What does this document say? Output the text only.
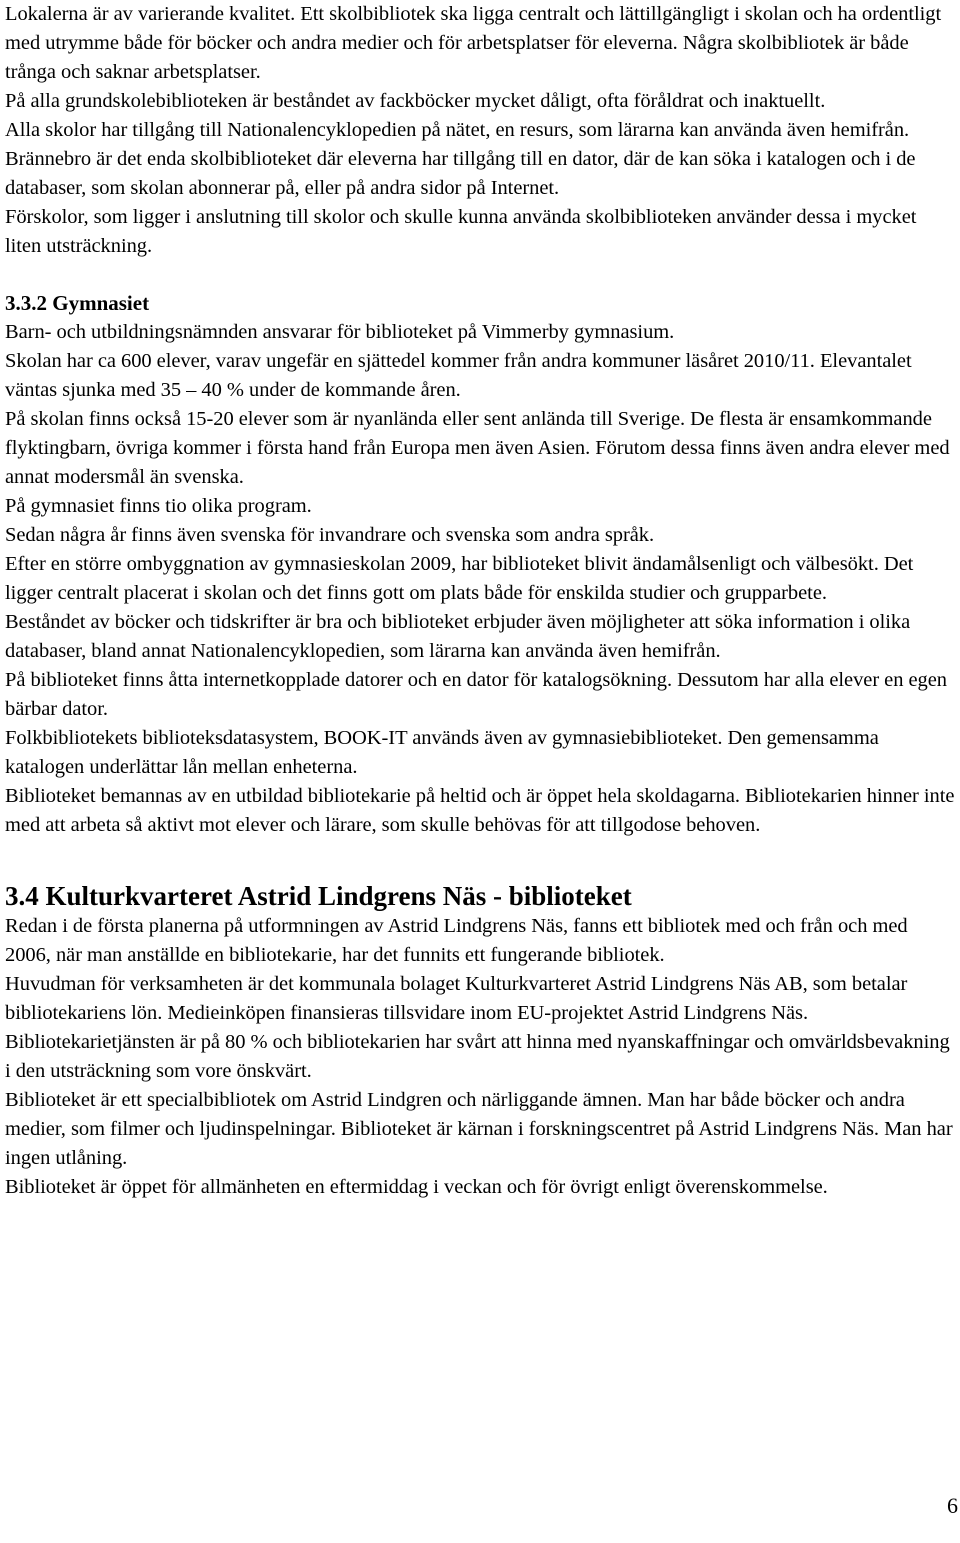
Lokalerna är av varierande kvalitet. Ett skolbibliotek ska ligga centralt och lättillgängligt i skolan och ha ordentligt med utrymme både för böcker och andra medier och för arbetsplatser för eleverna. Några skolbibliotek är både trånga och saknar arbetsplatser.

På alla grundskolebiblioteken är beståndet av fackböcker mycket dåligt, ofta föråldrat och inaktuellt.

Alla skolor har tillgång till Nationalencyklopedien på nätet, en resurs, som lärarna kan använda även hemifrån.

Brännebro är det enda skolbiblioteket där eleverna har tillgång till en dator, där de kan söka i katalogen och i de databaser, som skolan abonnerar på, eller på andra sidor på Internet.

Förskolor, som ligger i anslutning till skolor och skulle kunna använda skolbiblioteken använder dessa i mycket liten utsträckning.

3.3.2 Gymnasiet

Barn- och utbildningsnämnden ansvarar för biblioteket på Vimmerby gymnasium.

Skolan har ca 600 elever, varav ungefär en sjättedel kommer från andra kommuner läsåret 2010/11. Elevantalet väntas sjunka med 35 – 40 % under de kommande åren.

På skolan finns också 15-20 elever som är nyanlända eller sent anlända till Sverige. De flesta är ensamkommande flyktingbarn, övriga kommer i första hand från Europa men även Asien. Förutom dessa finns även andra elever med annat modersmål än svenska.

På gymnasiet finns tio olika program.

Sedan några år finns även svenska för invandrare och svenska som andra språk.

Efter en större ombyggnation av gymnasieskolan 2009, har biblioteket blivit ändamålsenligt och välbesökt. Det ligger centralt placerat i skolan och det finns gott om plats både för enskilda studier och grupparbete.

Beståndet av böcker och tidskrifter är bra och biblioteket erbjuder även möjligheter att söka information i olika databaser, bland annat Nationalencyklopedien, som lärarna kan använda även hemifrån.

På biblioteket finns åtta internetkopplade datorer och en dator för katalogsökning. Dessutom har alla elever en egen bärbar dator.

Folkbibliotekets biblioteksdatasystem, BOOK-IT används även av gymnasiebiblioteket. Den gemensamma katalogen underlättar lån mellan enheterna.

Biblioteket bemannas av en utbildad bibliotekarie på heltid och är öppet hela skoldagarna. Bibliotekarien hinner inte med att arbeta så aktivt mot elever och lärare, som skulle behövas för att tillgodose behoven.

3.4 Kulturkvarteret Astrid Lindgrens Näs - biblioteket

Redan i de första planerna på utformningen av Astrid Lindgrens Näs, fanns ett bibliotek med och från och med 2006, när man anställde en bibliotekarie, har det funnits ett fungerande bibliotek.

Huvudman för verksamheten är det kommunala bolaget Kulturkvarteret Astrid Lindgrens Näs AB, som betalar bibliotekariens lön. Medieinköpen finansieras tillsvidare inom EU-projektet Astrid Lindgrens Näs.

Bibliotekarietjänsten är på 80 % och bibliotekarien har svårt att hinna med nyanskaffningar och omvärldsbevakning i den utsträckning som vore önskvärt.

Biblioteket är ett specialbibliotek om Astrid Lindgren och närliggande ämnen. Man har både böcker och andra medier, som filmer och ljudinspelningar. Biblioteket är kärnan i forskningscentret på Astrid Lindgrens Näs. Man har ingen utlåning.

Biblioteket är öppet för allmänheten en eftermiddag i veckan och för övrigt enligt överenskommelse.

6
